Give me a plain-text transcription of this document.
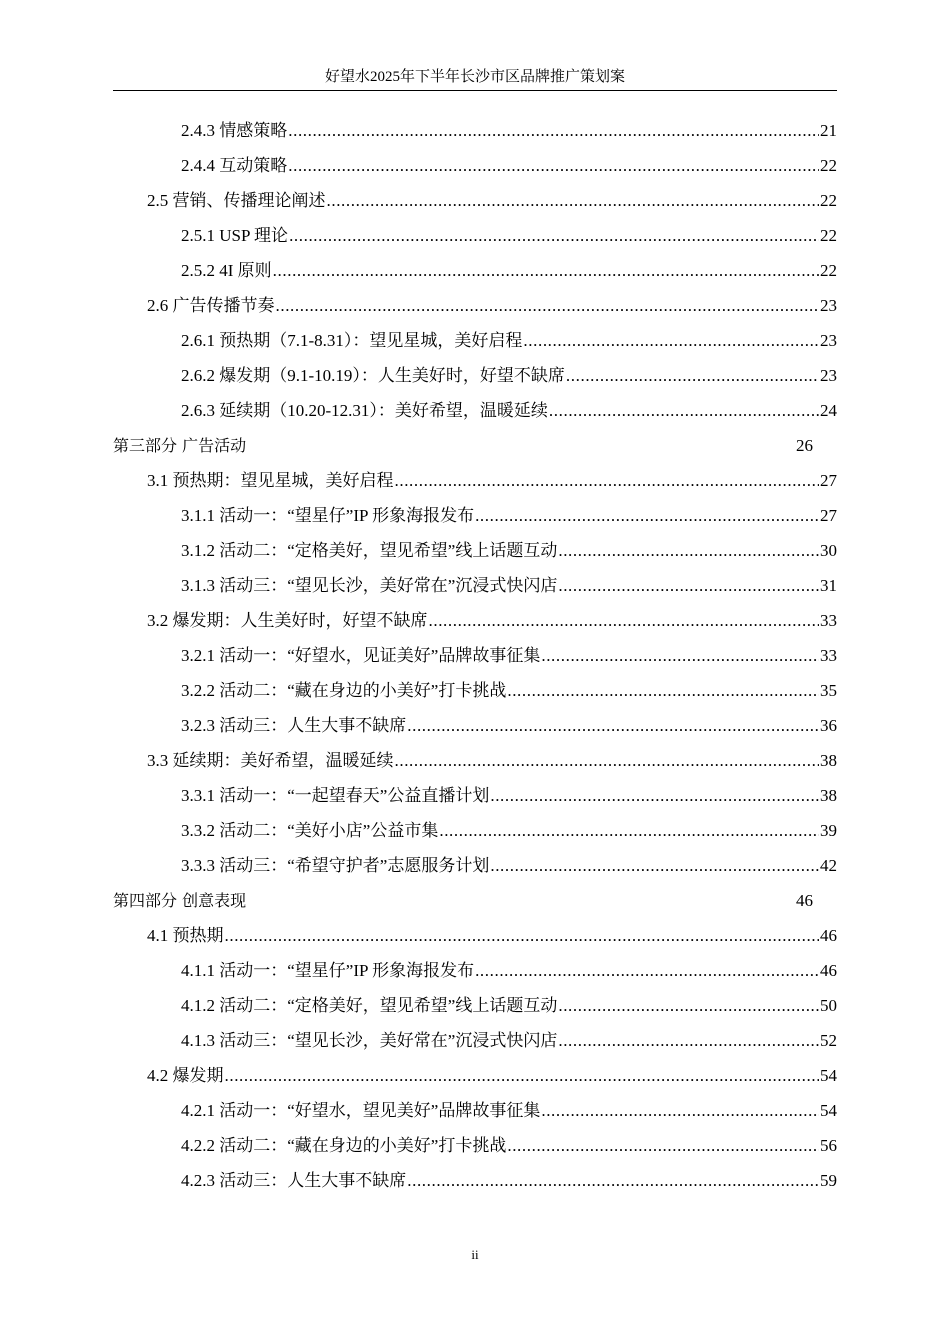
好望水2025年下半年长沙市区品牌推广策划案
2.4.3 情感策略 .....	21
2.4.4 互动策略 .....	22
2.5 营销、传播理论阐述 .....	22
2.5.1 USP 理论 .....	22
2.5.2 4I 原则 .....	22
2.6 广告传播节奏 .....	23
2.6.1 预热期（7.1-8.31）：望见星城，美好启程 .....	23
2.6.2 爆发期（9.1-10.19）：人生美好时，好望不缺席 .....	23
2.6.3 延续期（10.20-12.31）：美好希望，温暖延续 .....	24
第三部分 广告活动	26
3.1 预热期：望见星城，美好启程 .....	27
3.1.1 活动一：“望星仔”IP 形象海报发布 .....	27
3.1.2 活动二：“定格美好，望见希望”线上话题互动 .....	30
3.1.3 活动三：“望见长沙，美好常在”沉浸式快闪店 .....	31
3.2 爆发期：人生美好时，好望不缺席 .....	33
3.2.1 活动一：“好望水，见证美好”品牌故事征集 .....	33
3.2.2 活动二：“藏在身边的小美好”打卡挑战 .....	35
3.2.3 活动三：人生大事不缺席 .....	36
3.3 延续期：美好希望，温暖延续 .....	38
3.3.1 活动一：“一起望春天”公益直播计划 .....	38
3.3.2 活动二：“美好小店”公益市集 .....	39
3.3.3 活动三：“希望守护者”志愿服务计划 .....	42
第四部分 创意表现	46
4.1 预热期 .....	46
4.1.1 活动一：“望星仔”IP 形象海报发布 .....	46
4.1.2 活动二：“定格美好，望见希望”线上话题互动 .....	50
4.1.3 活动三：“望见长沙，美好常在”沉浸式快闪店 .....	52
4.2 爆发期 .....	54
4.2.1 活动一：“好望水，望见美好”品牌故事征集 .....	54
4.2.2 活动二：“藏在身边的小美好”打卡挑战 .....	56
4.2.3 活动三：人生大事不缺席 .....	59
ii
